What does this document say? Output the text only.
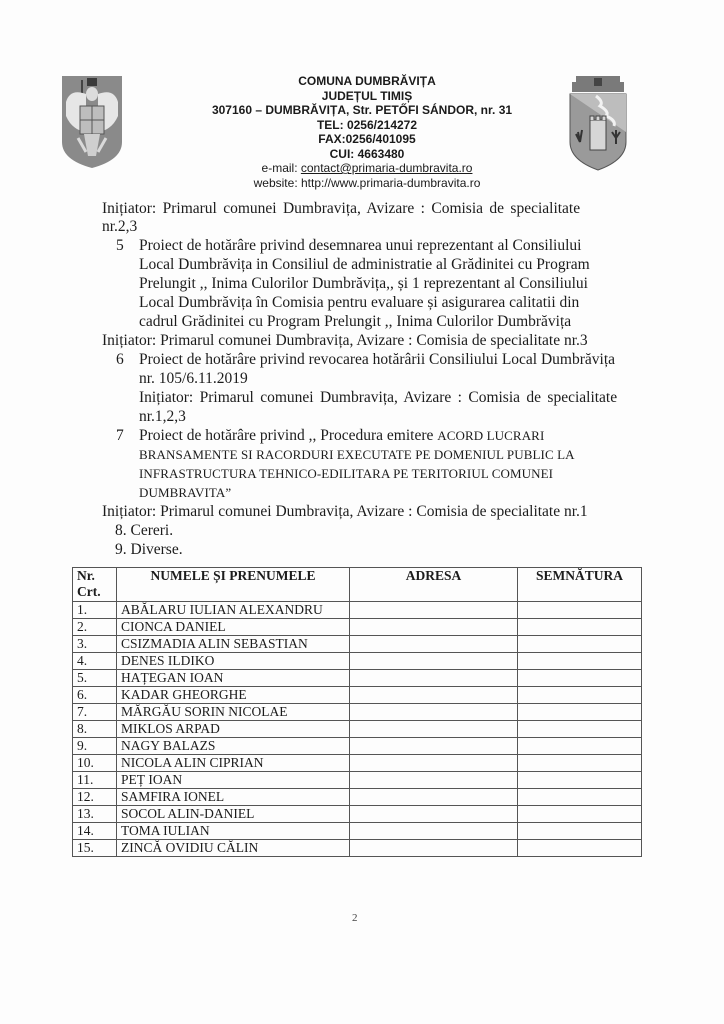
COMUNA DUMBRĂVIȚA
JUDEȚUL TIMIȘ
307160 – DUMBRĂVIȚA, Str. PETŐFI SÁNDOR, nr. 31
TEL: 0256/214272
FAX:0256/401095
CUI: 4663480
e-mail: contact@primaria-dumbravita.ro
website: http://www.primaria-dumbravita.ro
Inițiator: Primarul comunei Dumbravița, Avizare : Comisia de specialitate
nr.2,3
5 Proiect de hotărâre privind desemnarea unui reprezentant al Consiliului
Local Dumbrăvița in Consiliul de administratie al Grădinitei cu Program
Prelungit ,, Inima Culorilor Dumbrăvița,, și 1 reprezentant al Consiliului
Local Dumbrăvița în Comisia pentru evaluare și asigurarea calitatii din
cadrul Grădinitei cu Program Prelungit ,, Inima Culorilor Dumbrăvița
Inițiator: Primarul comunei Dumbravița, Avizare : Comisia de specialitate nr.3
6 Proiect de hotărâre privind revocarea hotărârii Consiliului Local Dumbrăvița
nr. 105/6.11.2019
Inițiator: Primarul comunei Dumbravița, Avizare : Comisia de specialitate
nr.1,2,3
7 Proiect de hotărâre privind ,, Procedura emitere ACORD LUCRARI
BRANSAMENTE SI RACORDURI EXECUTATE PE DOMENIUL PUBLIC LA
INFRASTRUCTURA TEHNICO-EDILITARA PE TERITORIUL COMUNEI
DUMBRAVITA”
Inițiator: Primarul comunei Dumbravița, Avizare : Comisia de specialitate nr.1
8. Cereri.
9. Diverse.
Nr.
Crt.	NUMELE ȘI PRENUMELE	ADRESA	SEMNĂTURA
1.	ABĂLARU IULIAN ALEXANDRU		
2.	CIONCA DANIEL		
3.	CSIZMADIA ALIN SEBASTIAN		
4.	DENES ILDIKO		
5.	HAȚEGAN IOAN		
6.	KADAR GHEORGHE		
7.	MĂRGĂU SORIN NICOLAE		
8.	MIKLOS ARPAD		
9.	NAGY BALAZS		
10.	NICOLA ALIN CIPRIAN		
11.	PEȚ IOAN		
12.	SAMFIRA IONEL		
13.	SOCOL ALIN-DANIEL		
14.	TOMA IULIAN		
15.	ZINCĂ OVIDIU CĂLIN		
2
